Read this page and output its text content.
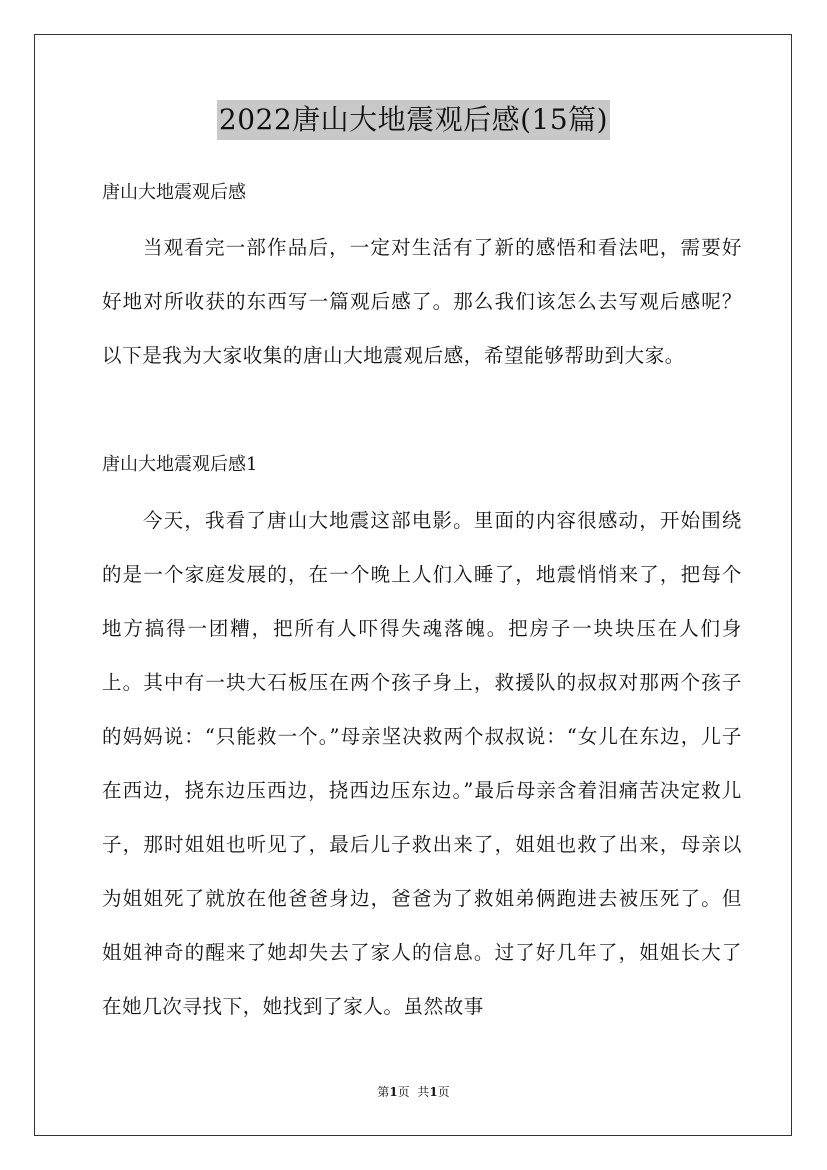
2022唐山大地震观后感(15篇)
唐山大地震观后感

当观看完一部作品后，一定对生活有了新的感悟和看法吧，需要好好地对所收获的东西写一篇观后感了。那么我们该怎么去写观后感呢？以下是我为大家收集的唐山大地震观后感，希望能够帮助到大家。

唐山大地震观后感1

今天，我看了唐山大地震这部电影。里面的内容很感动，开始围绕的是一个家庭发展的，在一个晚上人们入睡了，地震悄悄来了，把每个地方搞得一团糟，把所有人吓得失魂落魄。把房子一块块压在人们身上。其中有一块大石板压在两个孩子身上，救援队的叔叔对那两个孩子的妈妈说：“只能救一个。”母亲坚决救两个叔叔说：“女儿在东边，儿子在西边，挠东边压西边，挠西边压东边。”最后母亲含着泪痛苦决定救儿子，那时姐姐也听见了，最后儿子救出来了，姐姐也救了出来，母亲以为姐姐死了就放在他爸爸身边，爸爸为了救姐弟俩跑进去被压死了。但姐姐神奇的醒来了她却失去了家人的信息。过了好几年了，姐姐长大了在她几次寻找下，她找到了家人。虽然故事

第1页  共1页
